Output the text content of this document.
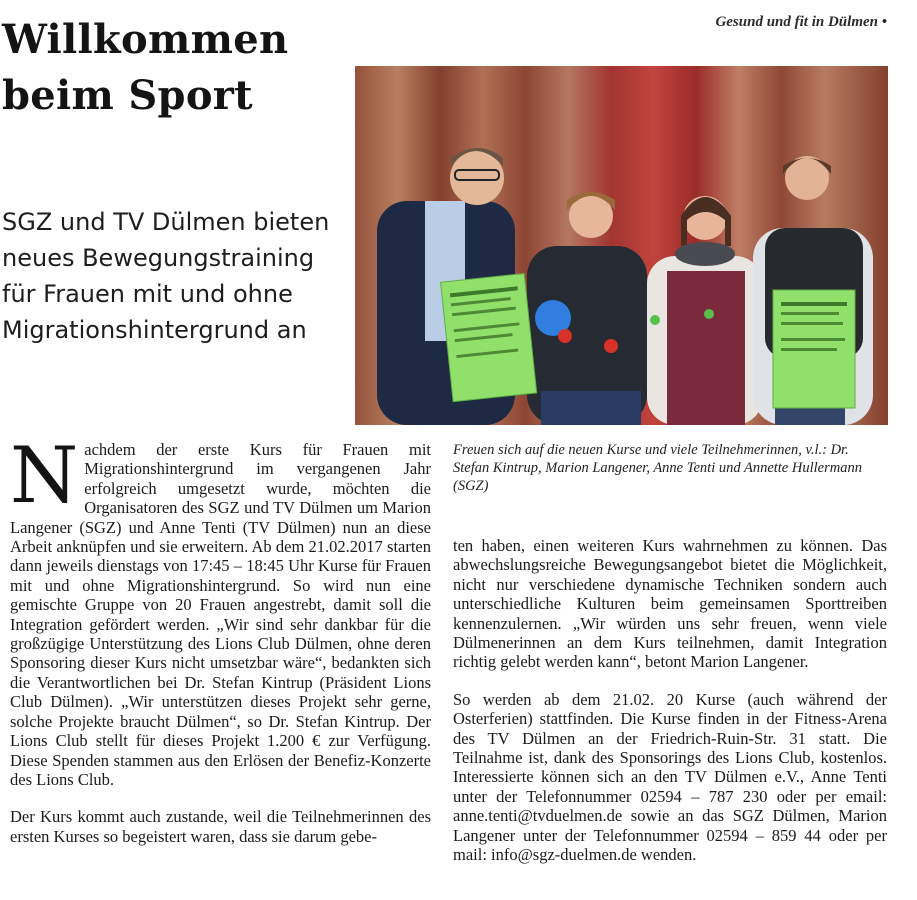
Gesund und fit in Dülmen •
Willkommen
beim Sport
SGZ und TV Dülmen bieten neues Bewegungstraining für Frauen mit und ohne Migrationshintergrund an

Freuen sich auf die neuen Kurse und viele Teilnehmerinnen, v.l.: Dr. Stefan Kintrup, Marion Langener, Anne Tenti und Annette Hullermann (SGZ)

Nachdem der erste Kurs für Frauen mit Migrationshintergrund im vergangenen Jahr erfolgreich umgesetzt wurde, möchten die Organisatoren des SGZ und TV Dülmen um Marion Langener (SGZ) und Anne Tenti (TV Dülmen) nun an diese Arbeit anknüpfen und sie erweitern. Ab dem 21.02.2017 starten dann jeweils dienstags von 17:45 – 18:45 Uhr Kurse für Frauen mit und ohne Migrationshintergrund. So wird nun eine gemischte Gruppe von 20 Frauen angestrebt, damit soll die Integration gefördert werden. „Wir sind sehr dankbar für die großzügige Unterstützung des Lions Club Dülmen, ohne deren Sponsoring dieser Kurs nicht umsetzbar wäre“, bedankten sich die Verantwortlichen bei Dr. Stefan Kintrup (Präsident Lions Club Dülmen). „Wir unterstützen dieses Projekt sehr gerne, solche Projekte braucht Dülmen“, so Dr. Stefan Kintrup. Der Lions Club stellt für dieses Projekt 1.200 € zur Verfügung. Diese Spenden stammen aus den Erlösen der Benefiz-Konzerte des Lions Club.

Der Kurs kommt auch zustande, weil die Teilnehmerinnen des ersten Kurses so begeistert waren, dass sie darum gebe-

ten haben, einen weiteren Kurs wahrnehmen zu können. Das abwechslungsreiche Bewegungsangebot bietet die Möglichkeit, nicht nur verschiedene dynamische Techniken sondern auch unterschiedliche Kulturen beim gemeinsamen Sporttreiben kennenzulernen. „Wir würden uns sehr freuen, wenn viele Dülmenerinnen an dem Kurs teilnehmen, damit Integration richtig gelebt werden kann“, betont Marion Langener.

So werden ab dem 21.02. 20 Kurse (auch während der Osterferien) stattfinden. Die Kurse finden in der Fitness-Arena des TV Dülmen an der Friedrich-Ruin-Str. 31 statt. Die Teilnahme ist, dank des Sponsorings des Lions Club, kostenlos. Interessierte können sich an den TV Dülmen e.V., Anne Tenti unter der Telefonnummer 02594 – 787 230 oder per email: anne.tenti@tvduelmen.de sowie an das SGZ Dülmen, Marion Langener unter der Telefonnummer 02594 – 859 44 oder per mail: info@sgz-duelmen.de wenden.
